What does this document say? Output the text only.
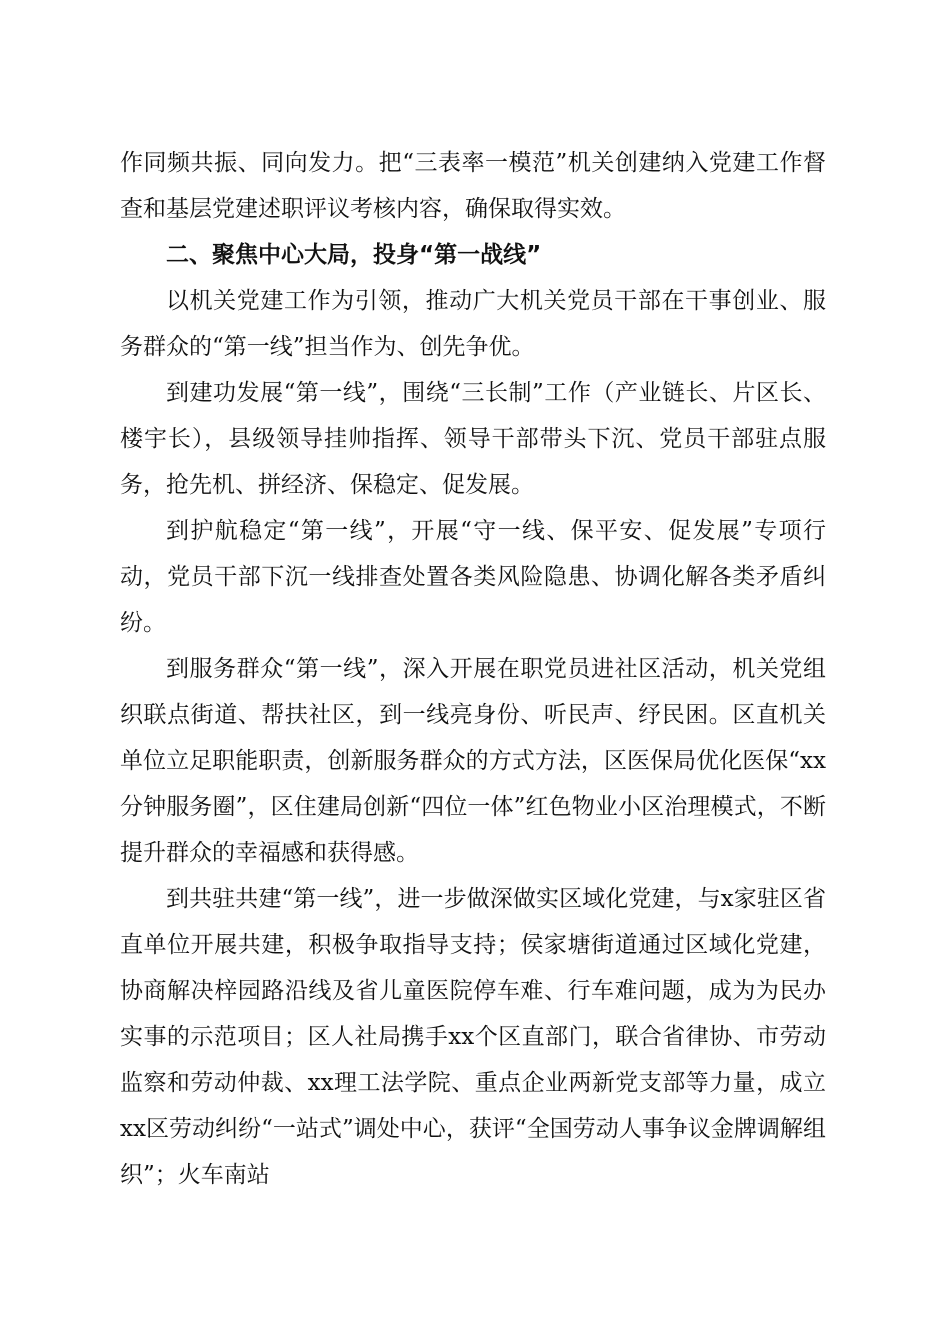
作同频共振、同向发力。把“三表率一模范”机关创建纳入党建工作督查和基层党建述职评议考核内容，确保取得实效。

二、聚焦中心大局，投身“第一战线”

以机关党建工作为引领，推动广大机关党员干部在干事创业、服务群众的“第一线”担当作为、创先争优。

到建功发展“第一线”，围绕“三长制”工作（产业链长、片区长、楼宇长），县级领导挂帅指挥、领导干部带头下沉、党员干部驻点服务，抢先机、拼经济、保稳定、促发展。

到护航稳定“第一线”，开展“守一线、保平安、促发展”专项行动，党员干部下沉一线排查处置各类风险隐患、协调化解各类矛盾纠纷。

到服务群众“第一线”，深入开展在职党员进社区活动，机关党组织联点街道、帮扶社区，到一线亮身份、听民声、纾民困。区直机关单位立足职能职责，创新服务群众的方式方法，区医保局优化医保“xx分钟服务圈”，区住建局创新“四位一体”红色物业小区治理模式，不断提升群众的幸福感和获得感。

到共驻共建“第一线”，进一步做深做实区域化党建，与x家驻区省直单位开展共建，积极争取指导支持；侯家塘街道通过区域化党建，协商解决梓园路沿线及省儿童医院停车难、行车难问题，成为为民办实事的示范项目；区人社局携手xx个区直部门，联合省律协、市劳动监察和劳动仲裁、xx理工法学院、重点企业两新党支部等力量，成立xx区劳动纠纷“一站式”调处中心，获评“全国劳动人事争议金牌调解组织”；火车南站
